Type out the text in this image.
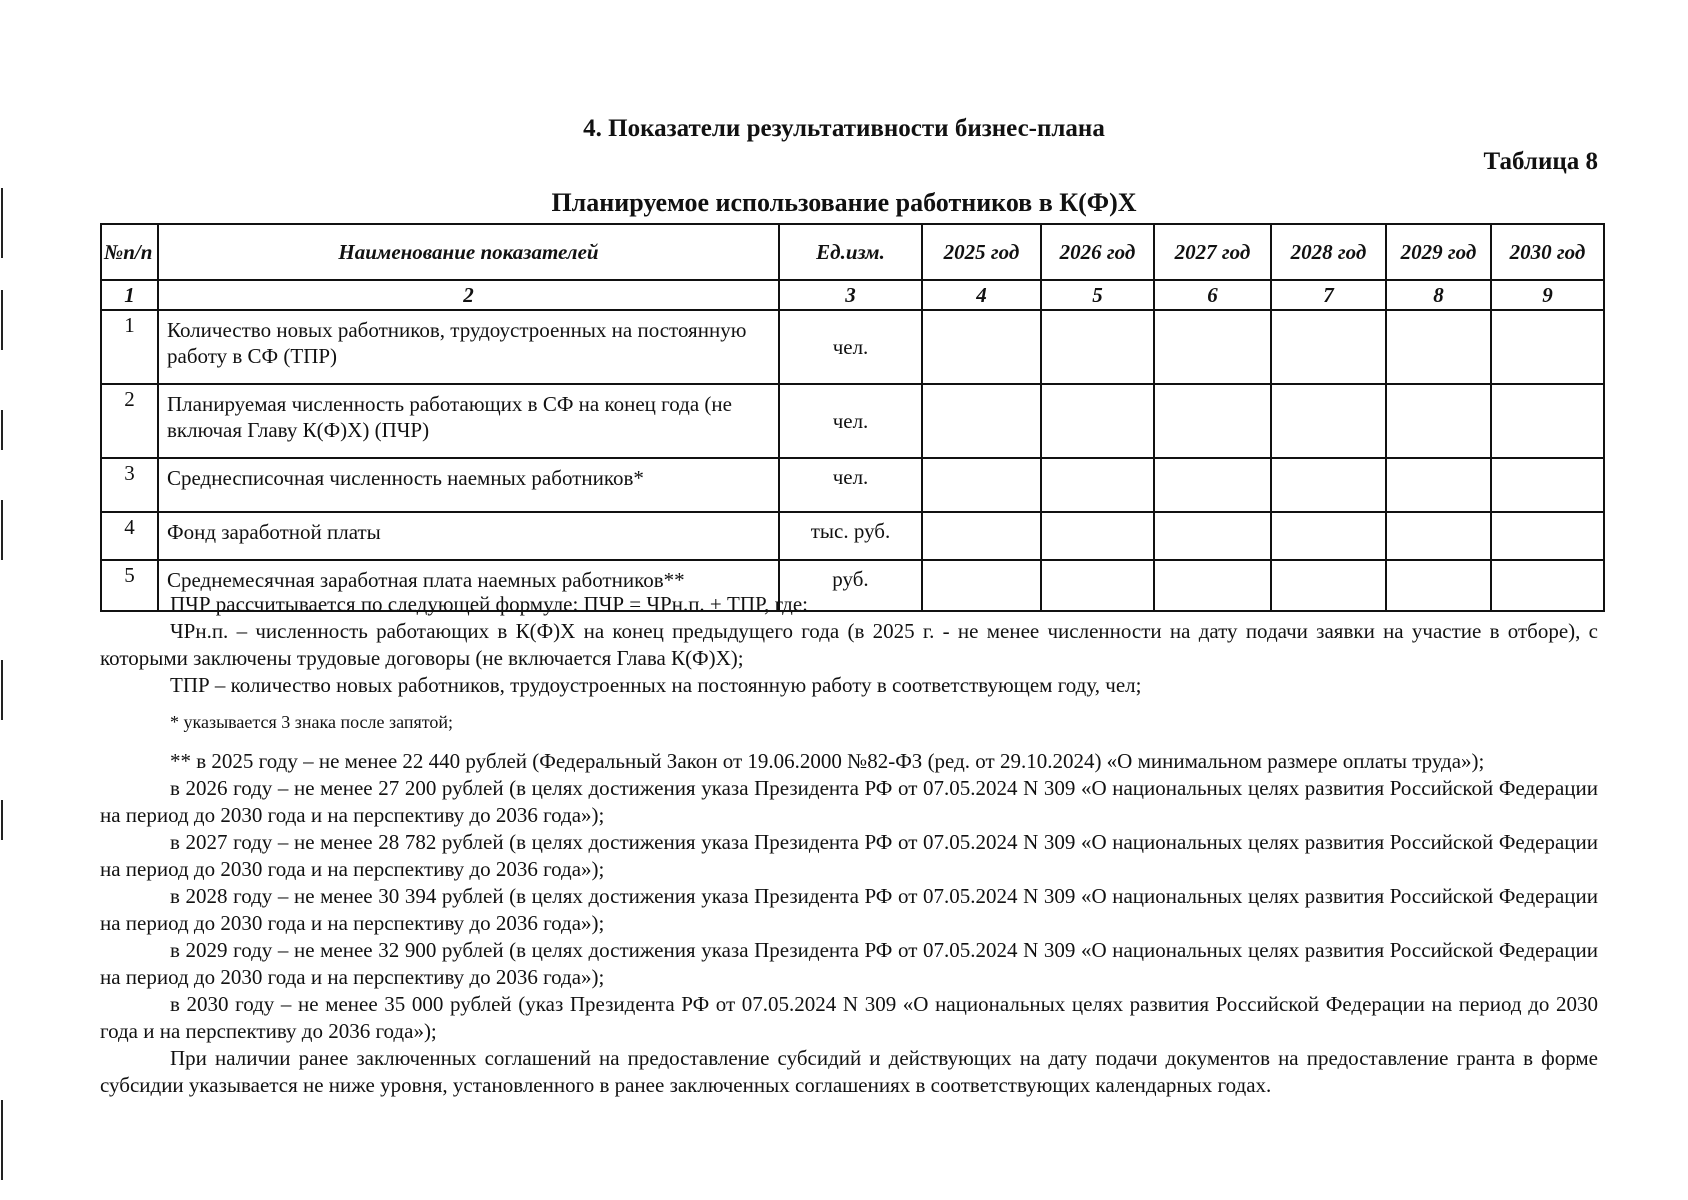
4. Показатели результативности бизнес-плана
Таблица 8
Планируемое использование работников в К(Ф)Х
№п/п	Наименование показателей	Ед.изм.	2025 год	2026 год	2027 год	2028 год	2029 год	2030 год
1	2	3	4	5	6	7	8	9
1	Количество новых работников, трудоустроенных на постоянную работу в СФ (ТПР)	чел.						
2	Планируемая численность работающих в СФ на конец года (не включая Главу К(Ф)Х) (ПЧР)	чел.						
3	Среднесписочная численность наемных работников*	чел.						
4	Фонд заработной платы	тыс. руб.						
5	Среднемесячная заработная плата наемных работников**	руб.						

ПЧР рассчитывается по следующей формуле: ПЧР = ЧРн.п. + ТПР, где:

ЧРн.п. – численность работающих в К(Ф)Х на конец предыдущего года (в 2025 г. - не менее численности на дату подачи заявки на участие в отборе), с которыми заключены трудовые договоры (не включается Глава К(Ф)Х);

ТПР – количество новых работников, трудоустроенных на постоянную работу в соответствующем году, чел;

* указывается 3 знака после запятой;

** в 2025 году – не менее 22 440 рублей (Федеральный Закон от 19.06.2000 №82-ФЗ (ред. от 29.10.2024) «О минимальном размере оплаты труда»);

в 2026 году – не менее 27 200 рублей (в целях достижения указа Президента РФ от 07.05.2024 N 309 «О национальных целях развития Российской Федерации на период до 2030 года и на перспективу до 2036 года»);

в 2027 году – не менее 28 782 рублей (в целях достижения указа Президента РФ от 07.05.2024 N 309 «О национальных целях развития Российской Федерации на период до 2030 года и на перспективу до 2036 года»);

в 2028 году – не менее 30 394 рублей (в целях достижения указа Президента РФ от 07.05.2024 N 309 «О национальных целях развития Российской Федерации на период до 2030 года и на перспективу до 2036 года»);

в 2029 году – не менее 32 900 рублей (в целях достижения указа Президента РФ от 07.05.2024 N 309 «О национальных целях развития Российской Федерации на период до 2030 года и на перспективу до 2036 года»);

в 2030 году – не менее 35 000 рублей (указ Президента РФ от 07.05.2024 N 309 «О национальных целях развития Российской Федерации на период до 2030 года и на перспективу до 2036 года»);

При наличии ранее заключенных соглашений на предоставление субсидий и действующих на дату подачи документов на предоставление гранта в форме субсидии указывается не ниже уровня, установленного в ранее заключенных соглашениях в соответствующих календарных годах.
